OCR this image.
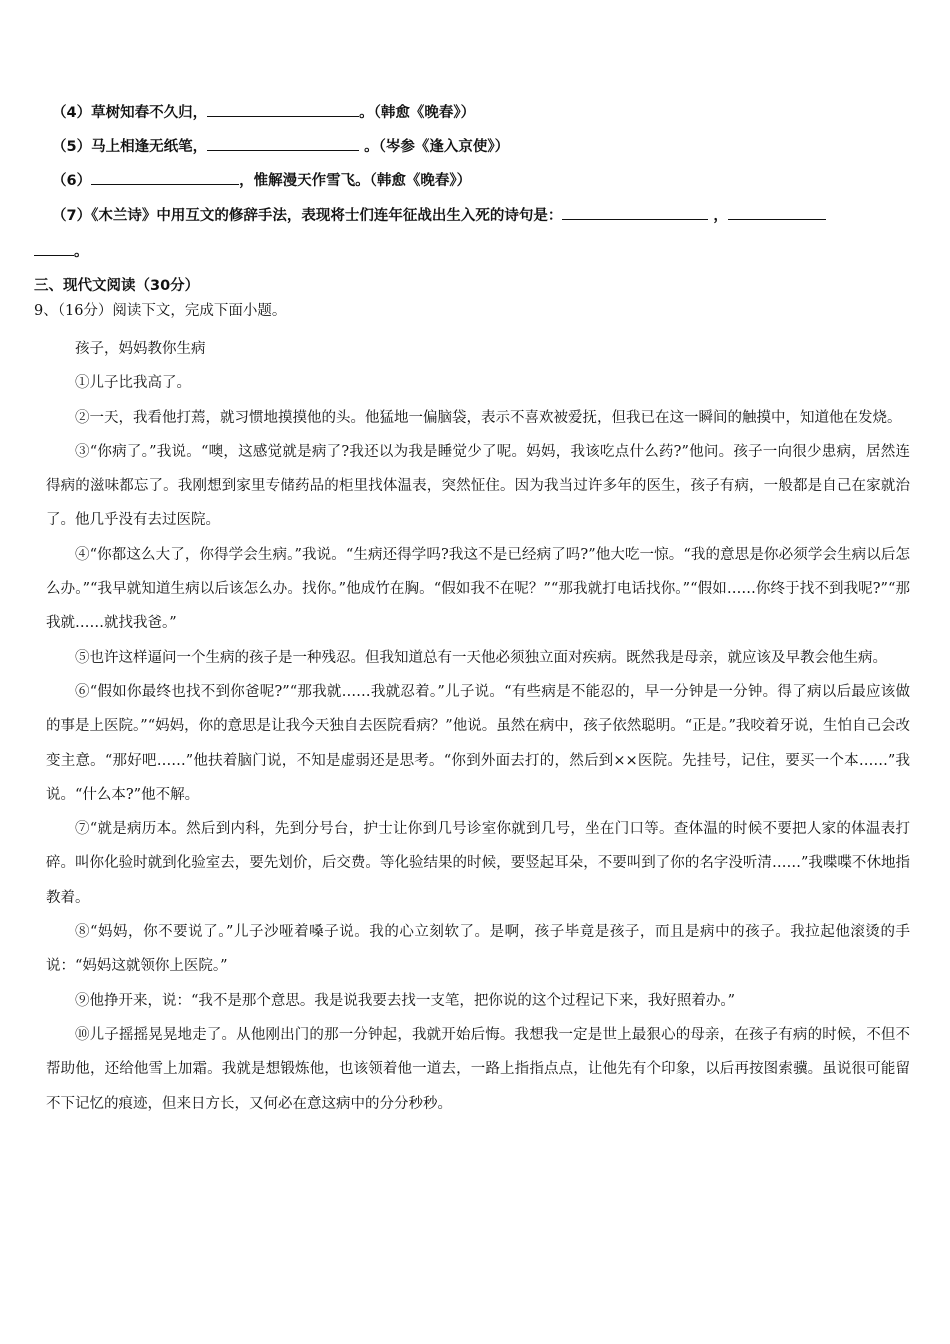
（4）草树知春不久归，	。（韩愈《晚春》）
（5）马上相逢无纸笔，	。（岑参《逢入京使》）
（6）	，惟解漫天作雪飞。（韩愈《晚春》）
（7）《木兰诗》中用互文的修辞手法，表现将士们连年征战出生入死的诗句是：	，
。
三、现代文阅读（30分）
9、（16分）阅读下文，完成下面小题。

孩子，妈妈教你生病

①儿子比我高了。

②一天，我看他打蔫，就习惯地摸摸他的头。他猛地一偏脑袋，表示不喜欢被爱抚，但我已在这一瞬间的触摸中，知道他在发烧。

③“你病了。”我说。“噢，这感觉就是病了?我还以为我是睡觉少了呢。妈妈，我该吃点什么药?”他问。孩子一向很少患病，居然连得病的滋味都忘了。我刚想到家里专储药品的柜里找体温表，突然怔住。因为我当过许多年的医生，孩子有病，一般都是自己在家就治了。他几乎没有去过医院。

④“你都这么大了，你得学会生病。”我说。“生病还得学吗?我这不是已经病了吗?”他大吃一惊。“我的意思是你必须学会生病以后怎么办。”“我早就知道生病以后该怎么办。找你。”他成竹在胸。“假如我不在呢？”“那我就打电话找你。”“假如……你终于找不到我呢?”“那我就……就找我爸。”

⑤也许这样逼问一个生病的孩子是一种残忍。但我知道总有一天他必须独立面对疾病。既然我是母亲，就应该及早教会他生病。

⑥“假如你最终也找不到你爸呢?”“那我就……我就忍着。”儿子说。“有些病是不能忍的，早一分钟是一分钟。得了病以后最应该做的事是上医院。”“妈妈，你的意思是让我今天独自去医院看病？”他说。虽然在病中，孩子依然聪明。“正是。”我咬着牙说，生怕自己会改变主意。“那好吧……”他扶着脑门说，不知是虚弱还是思考。“你到外面去打的，然后到××医院。先挂号，记住，要买一个本……”我说。“什么本?”他不解。

⑦“就是病历本。然后到内科，先到分号台，护士让你到几号诊室你就到几号，坐在门口等。查体温的时候不要把人家的体温表打碎。叫你化验时就到化验室去，要先划价，后交费。等化验结果的时候，要竖起耳朵，不要叫到了你的名字没听清……”我喋喋不休地指教着。

⑧“妈妈，你不要说了。”儿子沙哑着嗓子说。我的心立刻软了。是啊，孩子毕竟是孩子，而且是病中的孩子。我拉起他滚烫的手说：“妈妈这就领你上医院。”

⑨他挣开来，说：“我不是那个意思。我是说我要去找一支笔，把你说的这个过程记下来，我好照着办。”

⑩儿子摇摇晃晃地走了。从他刚出门的那一分钟起，我就开始后悔。我想我一定是世上最狠心的母亲，在孩子有病的时候，不但不帮助他，还给他雪上加霜。我就是想锻炼他，也该领着他一道去，一路上指指点点，让他先有个印象，以后再按图索骥。虽说很可能留不下记忆的痕迹，但来日方长，又何必在意这病中的分分秒秒。
